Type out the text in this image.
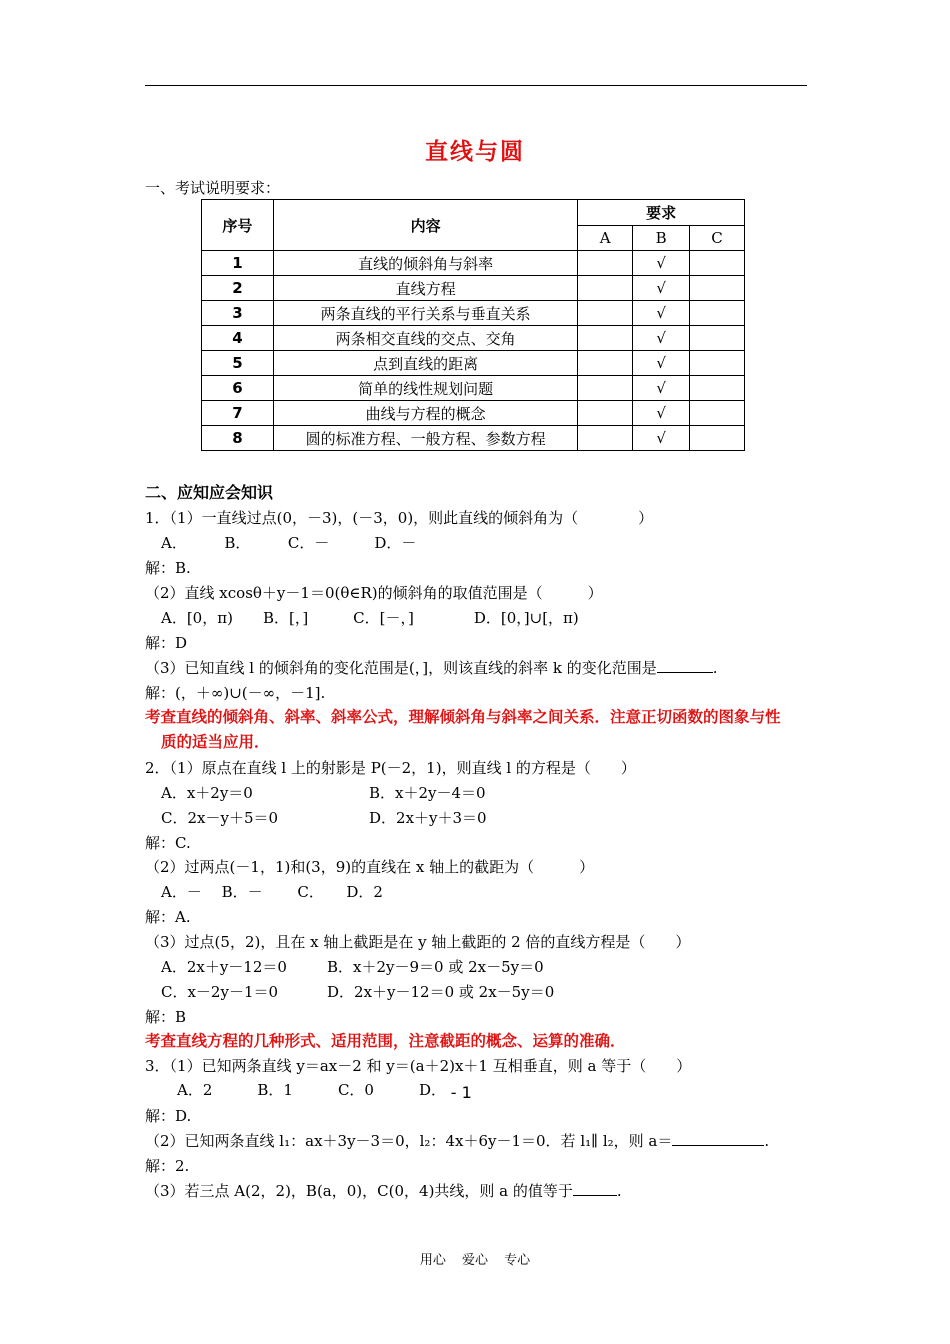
直线与圆
一、考试说明要求：
序号	内容	要求		
		A	B	C
1	直线的倾斜角与斜率		√	
2	直线方程		√	
3	两条直线的平行关系与垂直关系		√	
4	两条相交直线的交点、交角		√	
5	点到直线的距离		√	
6	简单的线性规划问题		√	
7	曲线与方程的概念		√	
8	圆的标准方程、一般方程、参数方程		√	
二、应知应会知识
1．（1）一直线过点(0，－3)，(－3，0)，则此直线的倾斜角为（　　　　）
A．　　　B．　　　C．－　　　D．－
解：B.
（2）直线 xcosθ＋y－1＝0(θ∈R)的倾斜角的取值范围是（　　　）
A．[0，π)　　B．[，]　　　C．[－，]　　　　D．[0，]∪[，π)
解：D
（3）已知直线 l 的倾斜角的变化范围是(，]，则该直线的斜率 k 的变化范围是	.
解：(，＋∞)∪(－∞，－1].
考查直线的倾斜角、斜率、斜率公式，理解倾斜角与斜率之间关系．注意正切函数的图象与性
质的适当应用．
2．（1）原点在直线 l 上的射影是 P(－2，1)，则直线 l 的方程是（　　）
A．x＋2y＝0	B．x＋2y－4＝0
C．2x－y＋5＝0	D．2x＋y＋3＝0
解：C.
（2）过两点(－1，1)和(3，9)的直线在 x 轴上的截距为（　　　）
A．－　 B．－　　 C．　　D．2
解：A.
（3）过点(5，2)，且在 x 轴上截距是在 y 轴上截距的 2 倍的直线方程是（　　）
A．2x＋y－12＝0	B．x＋2y－9＝0 或 2x－5y＝0
C．x－2y－1＝0	D．2x＋y－12＝0 或 2x－5y＝0
解：B
考查直线方程的几种形式、适用范围，注意截距的概念、运算的准确．
3．（1）已知两条直线 y＝ax－2 和 y＝(a＋2)x＋1 互相垂直，则 a 等于（　　）
A．2　　　B．1　　　C．0　　　D． - 1
解：D.
（2）已知两条直线 l₁：ax＋3y－3＝0，l₂：4x＋6y－1＝0．若 l₁∥ l₂，则 a＝	.
解：2.
（3）若三点 A(2，2)，B(a，0)，C(0，4)共线，则 a 的值等于	.
用心 爱心 专心
